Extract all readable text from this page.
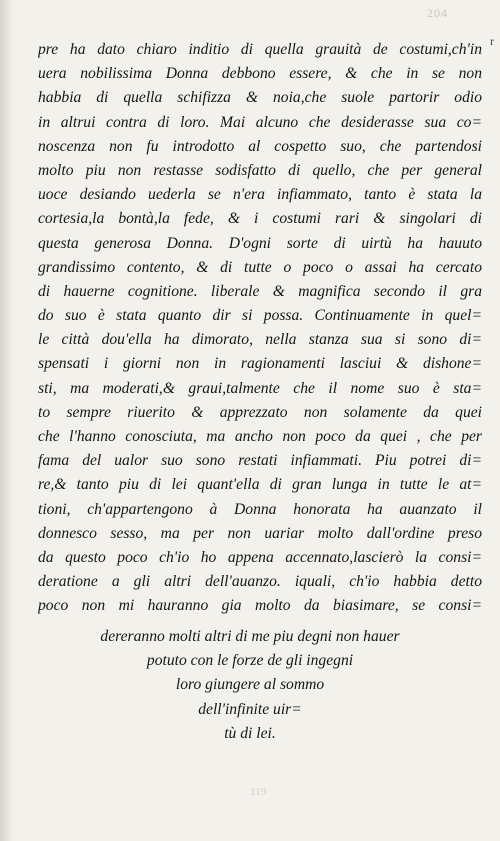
204
r
pre ha dato chiaro inditio di quella grauità de costumi,ch'in
uera nobilissima Donna debbono essere, & che in se non
habbia di quella schifizza & noia,che suole partorir odio
in altrui contra di loro. Mai alcuno che desiderasse sua co=
noscenza non fu introdotto al cospetto suo, che partendosi
molto piu non restasse sodisfatto di quello, che per general
uoce desiando uederla se n'era infiammato, tanto è stata la
cortesia,la bontà,la fede, & i costumi rari & singolari di
questa generosa Donna. D'ogni sorte di uirtù ha hauuto
grandissimo contento, & di tutte o poco o assai ha cercato
di hauerne cognitione. liberale & magnifica secondo il gra
do suo è stata quanto dir si possa. Continuamente in quel=
le città dou'ella ha dimorato, nella stanza sua si sono di=
spensati i giorni non in ragionamenti lasciui & dishone=
sti, ma moderati,& graui,talmente che il nome suo è sta=
to sempre riuerito & apprezzato non solamente da quei
che l'hanno conosciuta, ma ancho non poco da quei , che per
fama del ualor suo sono restati infiammati. Piu potrei di=
re,& tanto piu di lei quant'ella di gran lunga in tutte le at=
tioni, ch'appartengono à Donna honorata ha auanzato il
donnesco sesso, ma per non uariar molto dall'ordine preso
da questo poco ch'io ho appena accennato,lascierò la consi=
deratione a gli altri dell'auanzo. iquali, ch'io habbia detto
poco non mi hauranno gia molto da biasimare, se consi=
dereranno molti altri di me piu degni non hauer
potuto con le forze de gli ingegni
loro giungere al sommo
dell'infinite uir=
tù di lei.
119
